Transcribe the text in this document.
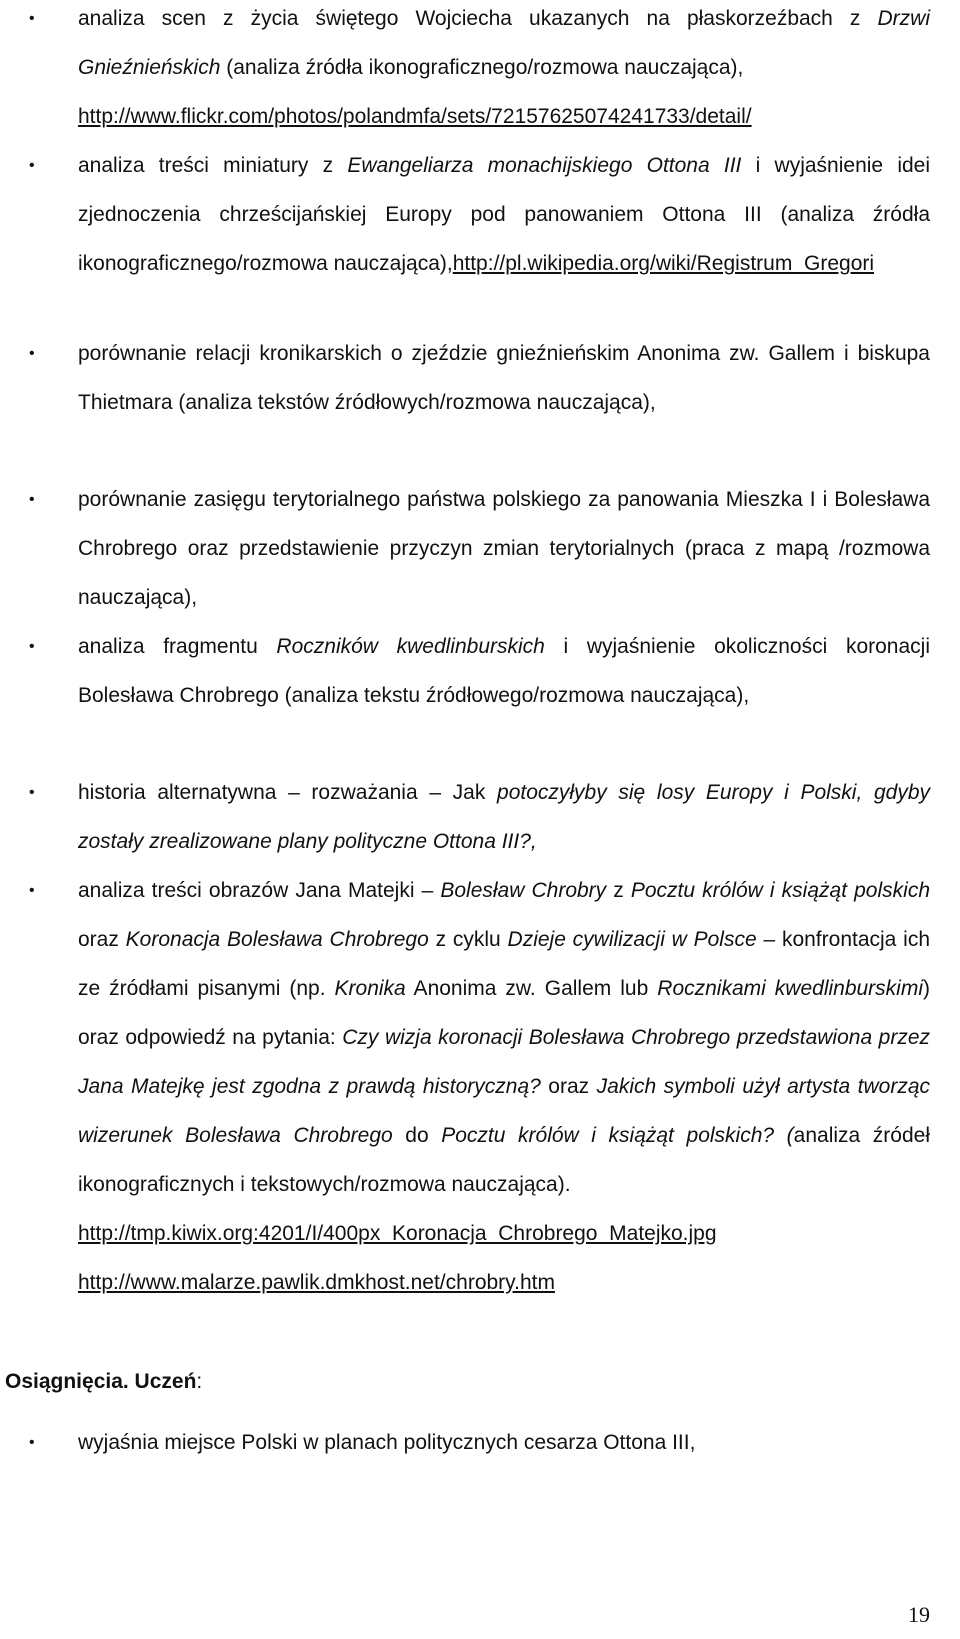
• analiza scen z życia świętego Wojciecha ukazanych na płaskorzeźbach z Drzwi Gnieźnieńskich (analiza źródła ikonograficznego/rozmowa nauczająca),
http://www.flickr.com/photos/polandmfa/sets/72157625074241733/detail/
• analiza treści miniatury z Ewangeliarza monachijskiego Ottona III i wyjaśnienie idei zjednoczenia chrześcijańskiej Europy pod panowaniem Ottona III (analiza źródła ikonograficznego/rozmowa nauczająca),http://pl.wikipedia.org/wiki/Registrum_Gregori
• porównanie relacji kronikarskich o zjeździe gnieźnieńskim Anonima zw. Gallem i biskupa Thietmara (analiza tekstów źródłowych/rozmowa nauczająca),
• porównanie zasięgu terytorialnego państwa polskiego za panowania Mieszka I i Bolesława Chrobrego oraz przedstawienie przyczyn zmian terytorialnych (praca z mapą /rozmowa nauczająca),
• analiza fragmentu Roczników kwedlinburskich i wyjaśnienie okoliczności koronacji Bolesława Chrobrego (analiza tekstu źródłowego/rozmowa nauczająca),
• historia alternatywna – rozważania – Jak potoczyłyby się losy Europy i Polski, gdyby zostały zrealizowane plany polityczne Ottona III?,
• analiza treści obrazów Jana Matejki – Bolesław Chrobry z Pocztu królów i książąt polskich oraz Koronacja Bolesława Chrobrego z cyklu Dzieje cywilizacji w Polsce – konfrontacja ich ze źródłami pisanymi (np. Kronika Anonima zw. Gallem lub Rocznikami kwedlinburskimi) oraz odpowiedź na pytania: Czy wizja koronacji Bolesława Chrobrego przedstawiona przez Jana Matejkę jest zgodna z prawdą historyczną? oraz Jakich symboli użył artysta tworząc wizerunek Bolesława Chrobrego do Pocztu królów i książąt polskich? (analiza źródeł ikonograficznych i tekstowych/rozmowa nauczająca).
http://tmp.kiwix.org:4201/I/400px_Koronacja_Chrobrego_Matejko.jpg
http://www.malarze.pawlik.dmkhost.net/chrobry.htm
Osiągnięcia. Uczeń:
• wyjaśnia miejsce Polski w planach politycznych cesarza Ottona III,
19
